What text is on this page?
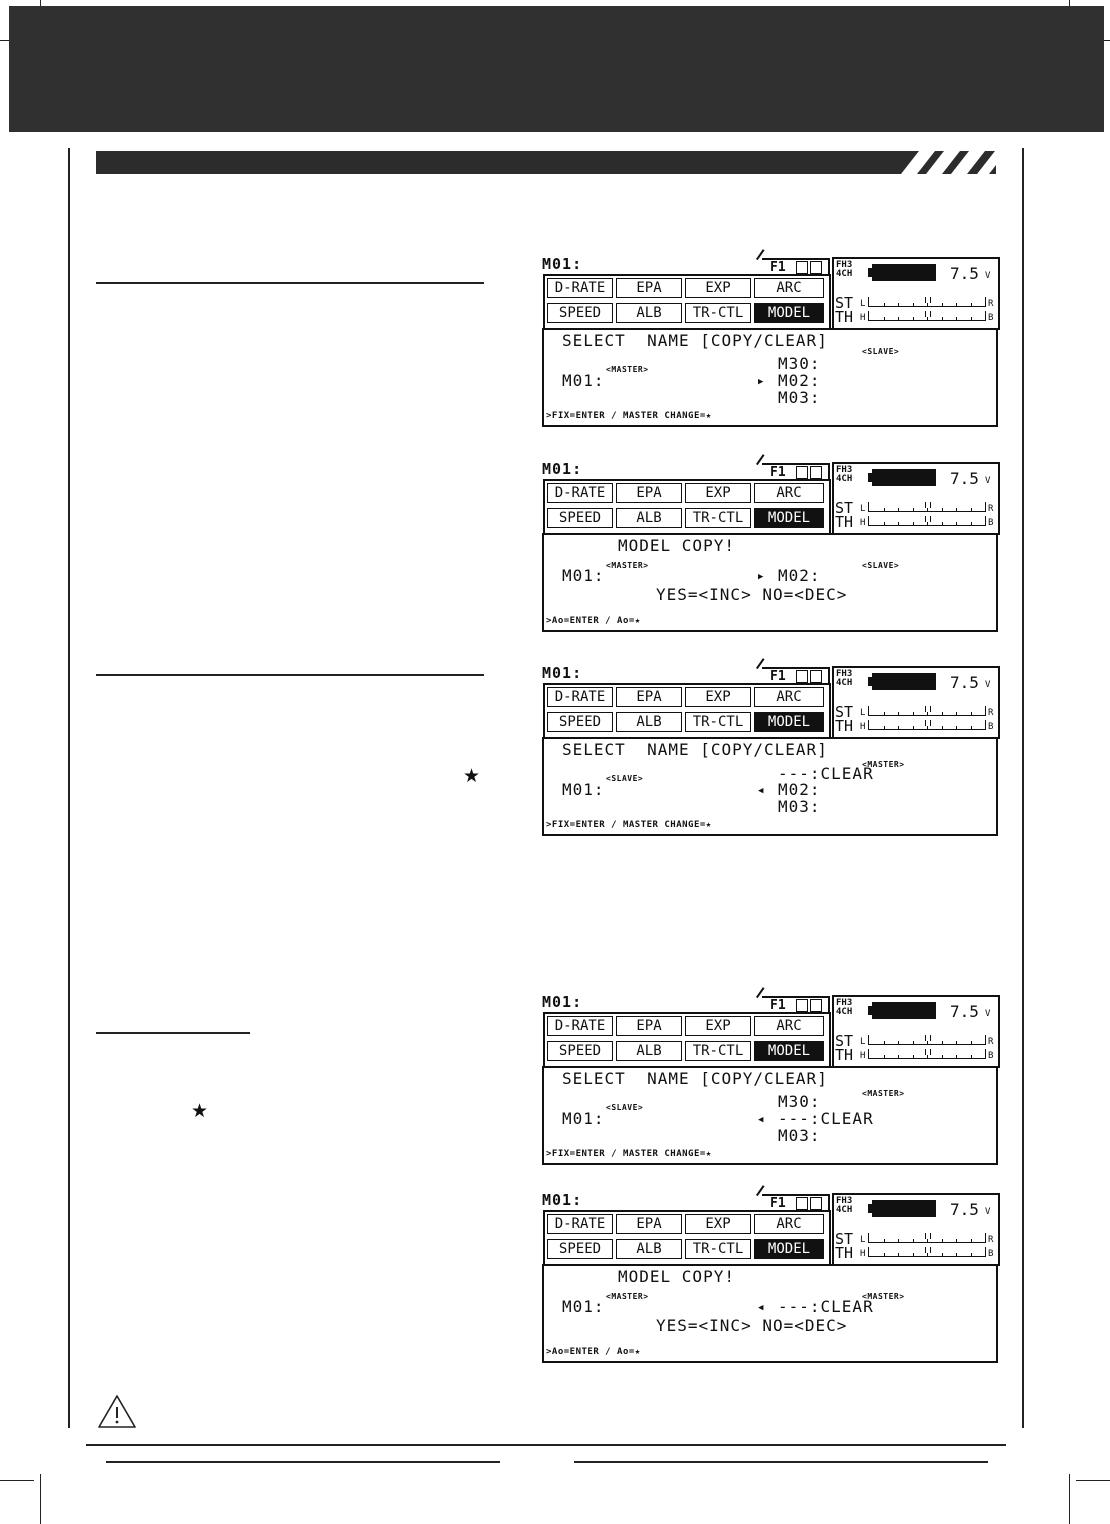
★
★
M01:	F1
D-RATE	EPA	EXP	ARC
SPEED	ALB	TR-CTL	MODEL
FH3
4CH	7.5 V
ST
TH
L	R
H	B
SELECT  NAME [COPY/CLEAR]
<MASTER>
<SLAVE>
M01:	▶
M30:
M02:
M03:
>FIX=ENTER / MASTER CHANGE=★
M01:	F1
D-RATE	EPA	EXP	ARC
SPEED	ALB	TR-CTL	MODEL
FH3
4CH	7.5 V
ST
TH
L	R
H	B
MODEL COPY!
<MASTER>	<SLAVE>
M01:	▶ M02:
YES=<INC> NO=<DEC>
>Ao=ENTER / Ao=★
M01:	F1
D-RATE	EPA	EXP	ARC
SPEED	ALB	TR-CTL	MODEL
FH3
4CH	7.5 V
ST
TH
L	R
H	B
SELECT  NAME [COPY/CLEAR]
<SLAVE>
<MASTER>
M01:	◀
---:CLEAR
M02:
M03:
>FIX=ENTER / MASTER CHANGE=★
M01:	F1
D-RATE	EPA	EXP	ARC
SPEED	ALB	TR-CTL	MODEL
FH3
4CH	7.5 V
ST
TH
L	R
H	B
SELECT  NAME [COPY/CLEAR]
<SLAVE>
<MASTER>
M01:	◀
M30:
---:CLEAR
M03:
>FIX=ENTER / MASTER CHANGE=★
M01:	F1
D-RATE	EPA	EXP	ARC
SPEED	ALB	TR-CTL	MODEL
FH3
4CH	7.5 V
ST
TH
L	R
H	B
MODEL COPY!
<MASTER>	<MASTER>
M01:	◀ ---:CLEAR
YES=<INC> NO=<DEC>
>Ao=ENTER / Ao=★
